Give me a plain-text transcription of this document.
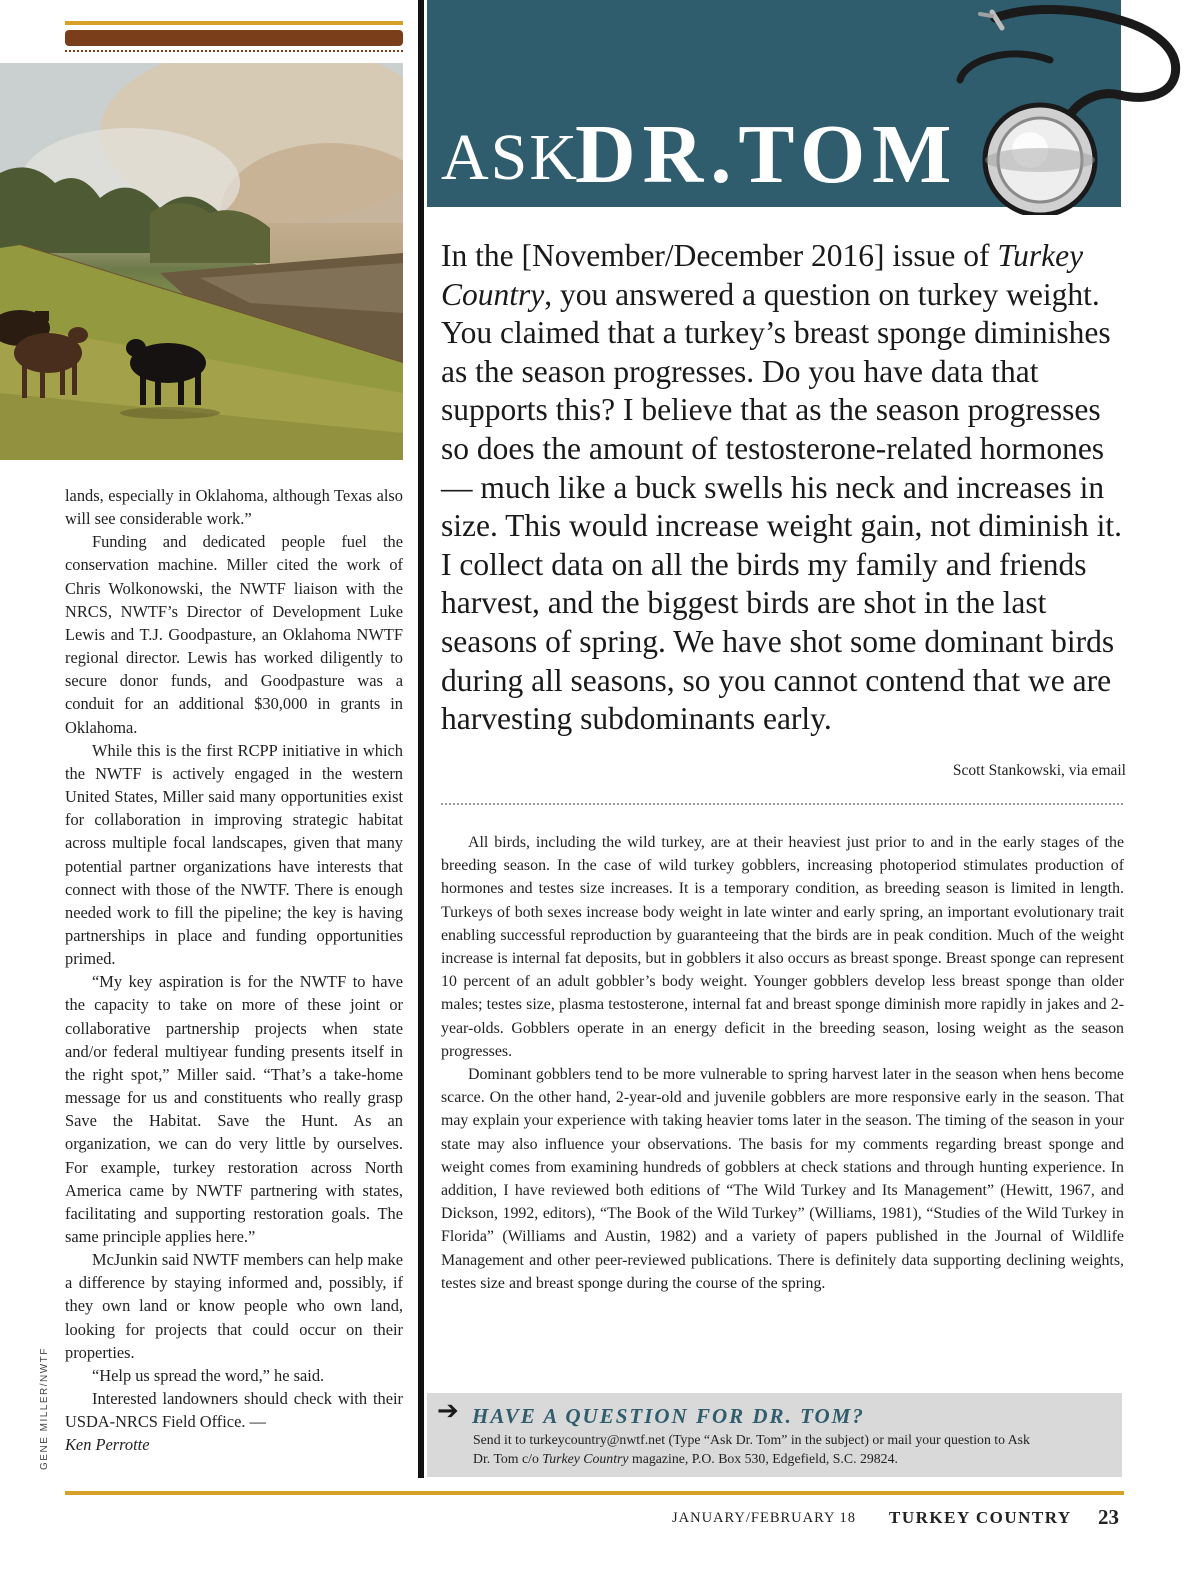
GENE MILLER/NWTF

lands, especially in Oklahoma, although Texas also will see considerable work.”

Funding and dedicated people fuel the conservation machine. Miller cited the work of Chris Wolkonowski, the NWTF liaison with the NRCS, NWTF’s Director of Development Luke Lewis and T.J. Goodpasture, an Oklahoma NWTF regional director. Lewis has worked diligently to secure donor funds, and Goodpasture was a conduit for an additional $30,000 in grants in Oklahoma.

While this is the first RCPP initiative in which the NWTF is actively engaged in the western United States, Miller said many opportunities exist for collaboration in improving strategic habitat across multiple focal landscapes, given that many potential partner organizations have interests that connect with those of the NWTF. There is enough needed work to fill the pipeline; the key is having partnerships in place and funding opportunities primed.

“My key aspiration is for the NWTF to have the capacity to take on more of these joint or collaborative partnership projects when state and/or federal multiyear funding presents itself in the right spot,” Miller said. “That’s a take-home message for us and constituents who really grasp Save the Habitat. Save the Hunt. As an organization, we can do very little by ourselves. For example, turkey restoration across North America came by NWTF partnering with states, facilitating and supporting restoration goals. The same principle applies here.”

McJunkin said NWTF members can help make a difference by staying informed and, possibly, if they own land or know people who own land, looking for projects that could occur on their properties.

“Help us spread the word,” he said.

Interested landowners should check with their USDA-NRCS Field Office. —

Ken Perrotte

ASK
DR.TOM

In the [November/December 2016] issue of Turkey Country, you answered a question on turkey weight. You claimed that a turkey’s breast sponge diminishes as the season progresses. Do you have data that supports this? I believe that as the season progresses so does the amount of testosterone-related hormones — much like a buck swells his neck and increases in size. This would increase weight gain, not diminish it. I collect data on all the birds my family and friends harvest, and the biggest birds are shot in the last seasons of spring. We have shot some dominant birds during all seasons, so you cannot contend that we are harvesting subdominants early.

Scott Stankowski, via email

All birds, including the wild turkey, are at their heaviest just prior to and in the early stages of the breeding season. In the case of wild turkey gobblers, increasing photoperiod stimulates production of hormones and testes size increases. It is a temporary condition, as breeding season is limited in length. Turkeys of both sexes increase body weight in late winter and early spring, an important evolutionary trait enabling successful reproduction by guaranteeing that the birds are in peak condition. Much of the weight increase is internal fat deposits, but in gobblers it also occurs as breast sponge. Breast sponge can represent 10 percent of an adult gobbler’s body weight. Younger gobblers develop less breast sponge than older males; testes size, plasma testosterone, internal fat and breast sponge diminish more rapidly in jakes and 2-year-olds. Gobblers operate in an energy deficit in the breeding season, losing weight as the season progresses.

Dominant gobblers tend to be more vulnerable to spring harvest later in the season when hens become scarce. On the other hand, 2-year-old and juvenile gobblers are more responsive early in the season. That may explain your experience with taking heavier toms later in the season. The timing of the season in your state may also influence your observations. The basis for my comments regarding breast sponge and weight comes from examining hundreds of gobblers at check stations and through hunting experience. In addition, I have reviewed both editions of “The Wild Turkey and Its Management” (Hewitt, 1967, and Dickson, 1992, editors), “The Book of the Wild Turkey” (Williams, 1981), “Studies of the Wild Turkey in Florida” (Williams and Austin, 1982) and a variety of papers published in the Journal of Wildlife Management and other peer-reviewed publications. There is definitely data supporting declining weights, testes size and breast sponge during the course of the spring.

➔ HAVE A QUESTION FOR DR. TOM?

Send it to turkeycountry@nwtf.net (Type “Ask Dr. Tom” in the subject) or mail your question to Ask

Dr. Tom c/o Turkey Country magazine, P.O. Box 530, Edgefield, S.C. 29824.

JANUARY/FEBRUARY 18 TURKEY COUNTRY 23
